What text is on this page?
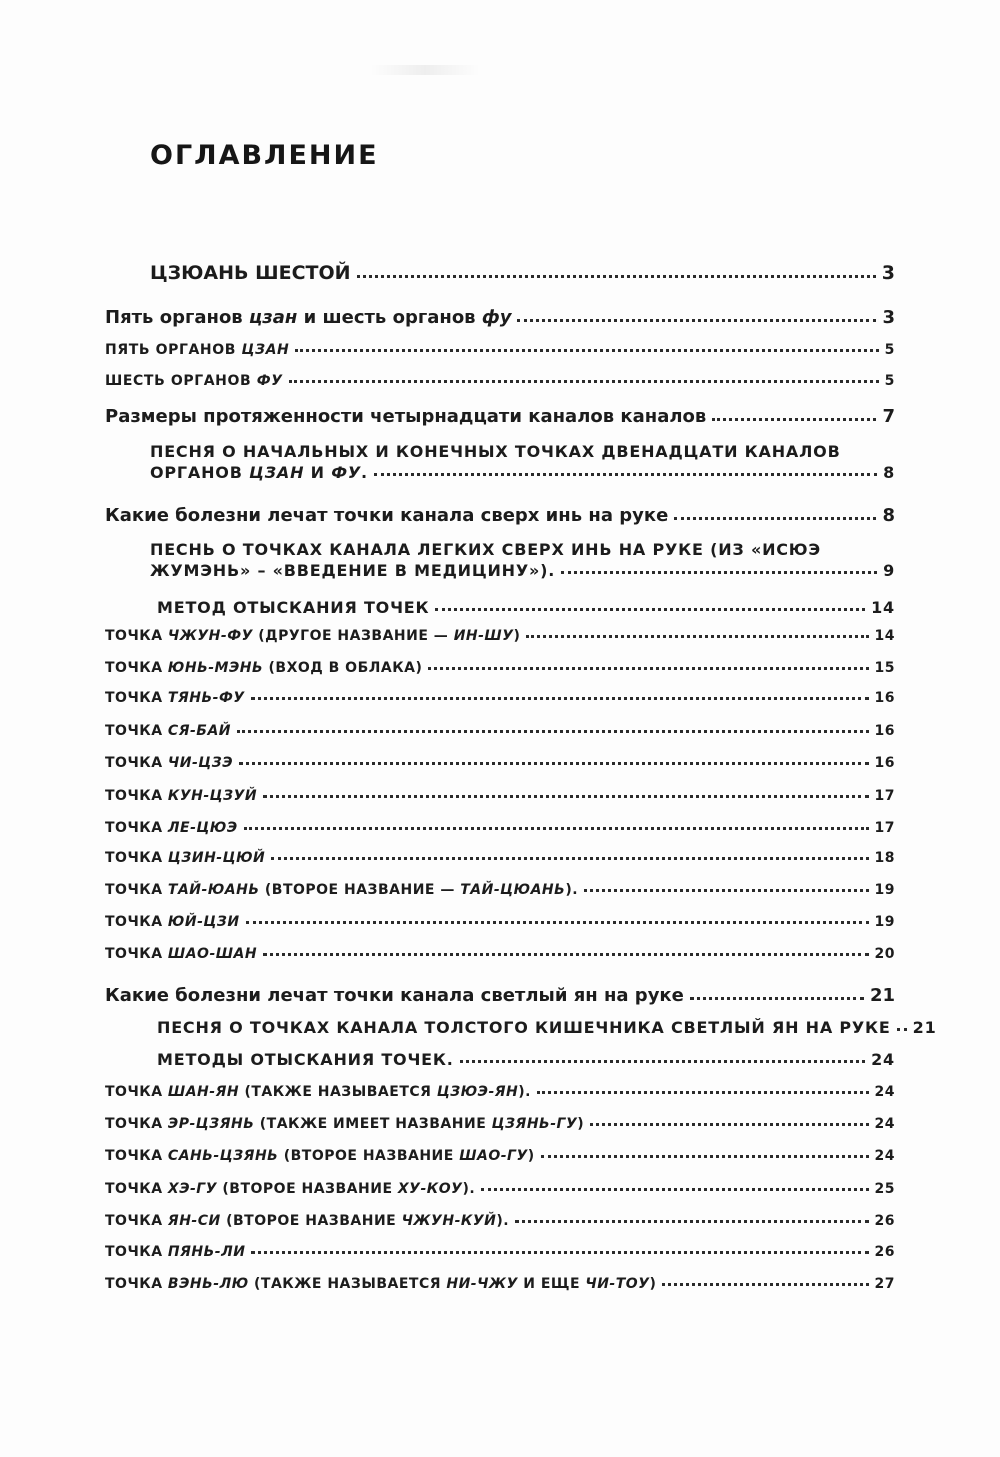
ОГЛАВЛЕНИЕ
ЦЗЮАНЬ ШЕСТОЙ	3
Пять органов цзан и шесть органов фу	3
ПЯТЬ ОРГАНОВ ЦЗАН	5
ШЕСТЬ ОРГАНОВ ФУ	5
Размеры протяженности четырнадцати каналов каналов	7
ПЕСНЯ О НАЧАЛЬНЫХ И КОНЕЧНЫХ ТОЧКАХ ДВЕНАДЦАТИ КАНАЛОВ
ОРГАНОВ ЦЗАН И ФУ.	8
Какие болезни лечат точки канала сверх инь на руке	8
ПЕСНЬ О ТОЧКАХ КАНАЛА ЛЕГКИХ СВЕРХ ИНЬ НА РУКЕ (ИЗ «ИСЮЭ
ЖУМЭНЬ» – «ВВЕДЕНИЕ В МЕДИЦИНУ»).	9
МЕТОД ОТЫСКАНИЯ ТОЧЕК	14
ТОЧКА ЧЖУН-ФУ (ДРУГОЕ НАЗВАНИЕ — ИН-ШУ)	14
ТОЧКА ЮНЬ-МЭНЬ (ВХОД В ОБЛАКА)	15
ТОЧКА ТЯНЬ-ФУ	16
ТОЧКА СЯ-БАЙ	16
ТОЧКА ЧИ-ЦЗЭ	16
ТОЧКА КУН-ЦЗУЙ	17
ТОЧКА ЛЕ-ЦЮЭ	17
ТОЧКА ЦЗИН-ЦЮЙ	18
ТОЧКА ТАЙ-ЮАНЬ (ВТОРОЕ НАЗВАНИЕ — ТАЙ-ЦЮАНЬ).	19
ТОЧКА ЮЙ-ЦЗИ	19
ТОЧКА ШАО-ШАН	20
Какие болезни лечат точки канала светлый ян на руке	21
ПЕСНЯ О ТОЧКАХ КАНАЛА ТОЛСТОГО КИШЕЧНИКА СВЕТЛЫЙ ЯН НА РУКЕ 21
МЕТОДЫ ОТЫСКАНИЯ ТОЧЕК.	24
ТОЧКА ШАН-ЯН (ТАКЖЕ НАЗЫВАЕТСЯ ЦЗЮЭ-ЯН).	24
ТОЧКА ЭР-ЦЗЯНЬ (ТАКЖЕ ИМЕЕТ НАЗВАНИЕ ЦЗЯНЬ-ГУ)	24
ТОЧКА САНЬ-ЦЗЯНЬ (ВТОРОЕ НАЗВАНИЕ ШАО-ГУ)	24
ТОЧКА ХЭ-ГУ (ВТОРОЕ НАЗВАНИЕ ХУ-КОУ).	25
ТОЧКА ЯН-СИ (ВТОРОЕ НАЗВАНИЕ ЧЖУН-КУЙ).	26
ТОЧКА ПЯНЬ-ЛИ	26
ТОЧКА ВЭНЬ-ЛЮ (ТАКЖЕ НАЗЫВАЕТСЯ НИ-ЧЖУ И ЕЩЕ ЧИ-ТОУ)	27
